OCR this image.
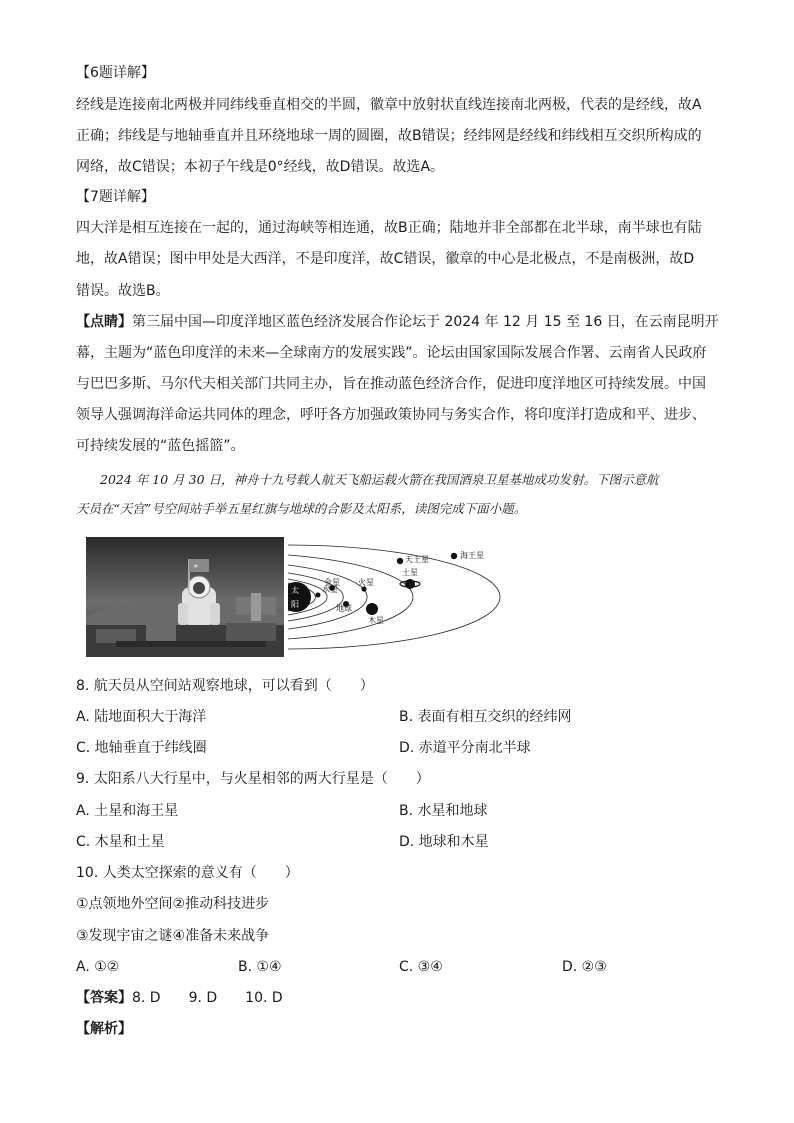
【6题详解】
经线是连接南北两极并同纬线垂直相交的半圆，徽章中放射状直线连接南北两极，代表的是经线，故A
正确；纬线是与地轴垂直并且环绕地球一周的圆圈，故B错误；经纬网是经线和纬线相互交织所构成的
网络，故C错误；本初子午线是0°经线，故D错误。故选A。
【7题详解】
四大洋是相互连接在一起的，通过海峡等相连通，故B正确；陆地并非全部都在北半球，南半球也有陆
地，故A错误；图中甲处是大西洋，不是印度洋，故C错误，徽章的中心是北极点，不是南极洲，故D
错误。故选B。
【点睛】第三届中国—印度洋地区蓝色经济发展合作论坛于 2024 年 12 月 15 至 16 日，在云南昆明开
幕，主题为“蓝色印度洋的未来—全球南方的发展实践”。论坛由国家国际发展合作署、云南省人民政府
与巴巴多斯、马尔代夫相关部门共同主办，旨在推动蓝色经济合作，促进印度洋地区可持续发展。中国
领导人强调海洋命运共同体的理念，呼吁各方加强政策协同与务实合作，将印度洋打造成和平、进步、
可持续发展的“蓝色摇篮”。
2024 年 10 月 30 日，神舟十九号载人航天飞船运载火箭在我国酒泉卫星基地成功发射。下图示意航
天员在“天宫”号空间站手举五星红旗与地球的合影及太阳系，读图完成下面小题。
★
太
阳
水星
金星
地球
火星
木星
土星
天王星	海王星
8. 航天员从空间站观察地球，可以看到（　　）
A. 陆地面积大于海洋	B. 表面有相互交织的经纬网
C. 地轴垂直于纬线圈	D. 赤道平分南北半球
9. 太阳系八大行星中，与火星相邻的两大行星是（　　）
A. 土星和海王星	B. 水星和地球
C. 木星和土星	D. 地球和木星
10. 人类太空探索的意义有（　　）
①点领地外空间②推动科技进步
③发现宇宙之谜④准备未来战争
A. ①②	B. ①④	C. ③④	D. ②③
【答案】8. D　　9. D　　10. D
【解析】
